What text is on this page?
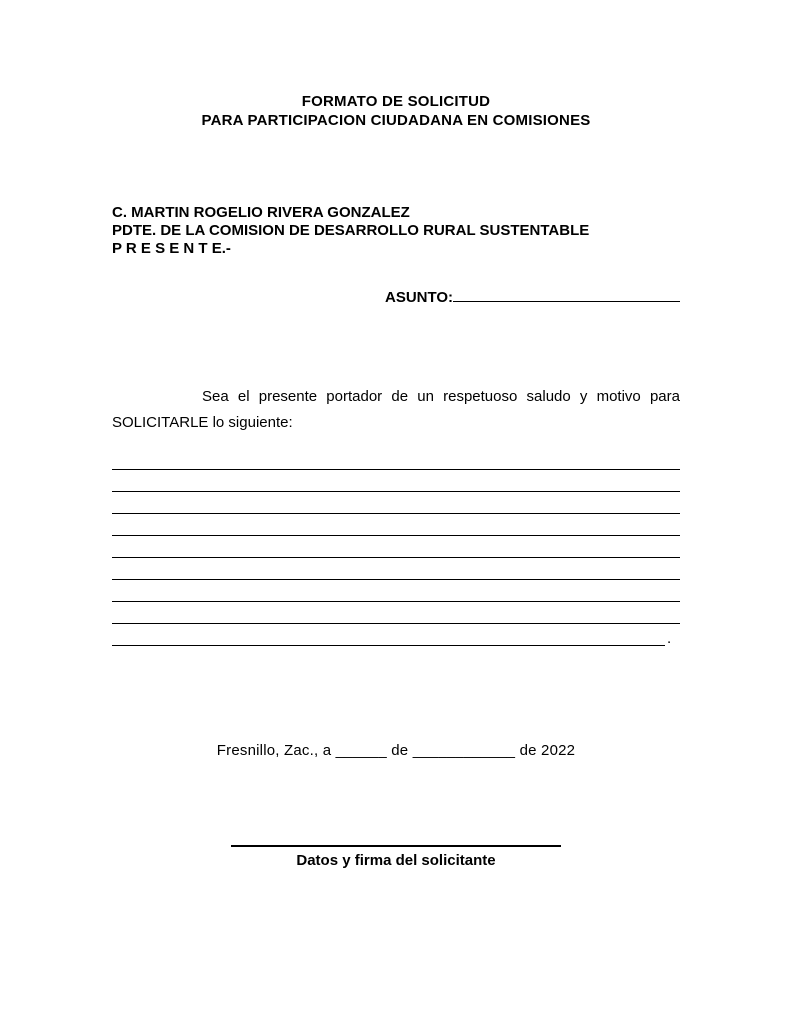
FORMATO DE SOLICITUD
PARA PARTICIPACION CIUDADANA EN COMISIONES
C. MARTIN ROGELIO RIVERA GONZALEZ
PDTE. DE LA COMISION DE DESARROLLO RURAL SUSTENTABLE
P R E S E N T E.-
ASUNTO:
Sea el presente portador de un respetuoso saludo y motivo para
SOLICITARLE lo siguiente:
.
Fresnillo, Zac., a ______ de ____________ de 2022
Datos y firma del solicitante
